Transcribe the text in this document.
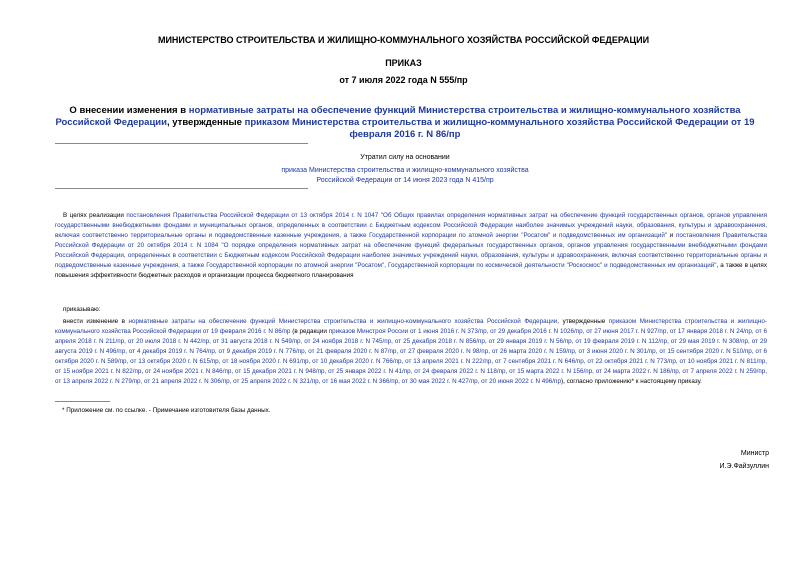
МИНИСТЕРСТВО СТРОИТЕЛЬСТВА И ЖИЛИЩНО-КОММУНАЛЬНОГО ХОЗЯЙСТВА РОССИЙСКОЙ ФЕДЕРАЦИИ
ПРИКАЗ
от 7 июля 2022 года N 555/пр
О внесении изменения в нормативные затраты на обеспечение функций Министерства строительства и жилищно-коммунального хозяйства Российской Федерации, утвержденные приказом Министерства строительства и жилищно-коммунального хозяйства Российской Федерации от 19 февраля 2016 г. N 86/пр
Утратил силу на основании
приказа Министерства строительства и жилищно-коммунального хозяйства
Российской Федерации от 14 июня 2023 года N 415/пр
В целях реализации постановления Правительства Российской Федерации от 13 октября 2014 г. N 1047 "Об Общих правилах определения нормативных затрат на обеспечение функций государственных органов, органов управления государственными внебюджетными фондами и муниципальных органов, определенных в соответствии с Бюджетным кодексом Российской Федерации наиболее значимых учреждений науки, образования, культуры и здравоохранения, включая соответственно территориальные органы и подведомственные казенные учреждения, а также Государственной корпорации по атомной энергии "Росатом" и подведомственных им организаций" и постановления Правительства Российской Федерации от 20 октября 2014 г. N 1084 "О порядке определения нормативных затрат на обеспечение функций федеральных государственных органов, органов управления государственными внебюджетными фондами Российской Федерации, определенных в соответствии с Бюджетным кодексом Российской Федерации наиболее значимых учреждений науки, образования, культуры и здравоохранения, включая соответственно территориальные органы и подведомственные казенные учреждения, а также Государственной корпорации по атомной энергии "Росатом", Государственной корпорации по космической деятельности "Роскосмос" и подведомственных им организаций", а также в целях повышения эффективности бюджетных расходов и организации процесса бюджетного планирования
приказываю:
внести изменение в нормативные затраты на обеспечение функций Министерства строительства и жилищно-коммунального хозяйства Российской Федерации, утвержденные приказом Министерства строительства и жилищно-коммунального хозяйства Российской Федерации от 19 февраля 2016 г. N 86/пр (в редакции приказов Минстроя России от 1 июня 2016 г. N 373/пр, от 29 декабря 2016 г. N 1026/пр, от 27 июня 2017 г. N 927/пр, от 17 января 2018 г. N 24/пр, от 6 апреля 2018 г. N 211/пр, от 20 июля 2018 г. N 442/пр, от 31 августа 2018 г. N 549/пр, от 24 ноября 2018 г. N 745/пр, от 25 декабря 2018 г. N 856/пр, от 29 января 2019 г. N 56/пр, от 19 февраля 2019 г. N 112/пр, от 29 мая 2019 г. N 308/пр, от 29 августа 2019 г. N 496/пр, от 4 декабря 2019 г. N 764/пр, от 9 декабря 2019 г. N 776/пр, от 21 февраля 2020 г. N 87/пр, от 27 февраля 2020 г. N 98/пр, от 26 марта 2020 г. N 159/пр, от 3 июня 2020 г. N 301/пр, от 15 сентября 2020 г. N 510/пр, от 6 октября 2020 г. N 589/пр, от 13 октября 2020 г. N 615/пр, от 18 ноября 2020 г. N 691/пр, от 10 декабря 2020 г. N 766/пр, от 13 апреля 2021 г. N 222/пр, от 7 сентября 2021 г. N 646/пр, от 22 октября 2021 г. N 773/пр, от 10 ноября 2021 г. N 811/пр, от 15 ноября 2021 г. N 822/пр, от 24 ноября 2021 г. N 846/пр, от 15 декабря 2021 г. N 948/пр, от 25 января 2022 г. N 41/пр, от 24 февраля 2022 г. N 118/пр, от 15 марта 2022 г. N 156/пр, от 24 марта 2022 г. N 186/пр, от 7 апреля 2022 г. N 259/пр, от 13 апреля 2022 г. N 279/пр, от 21 апреля 2022 г. N 306/пр, от 25 апреля 2022 г. N 321/пр, от 16 мая 2022 г. N 366/пр, от 30 мая 2022 г. N 427/пр, от 20 июня 2022 г. N 496/пр), согласно приложению* к настоящему приказу.
* Приложение см. по ссылке. - Примечание изготовителя базы данных.
Министр
И.Э.Файзуллин
